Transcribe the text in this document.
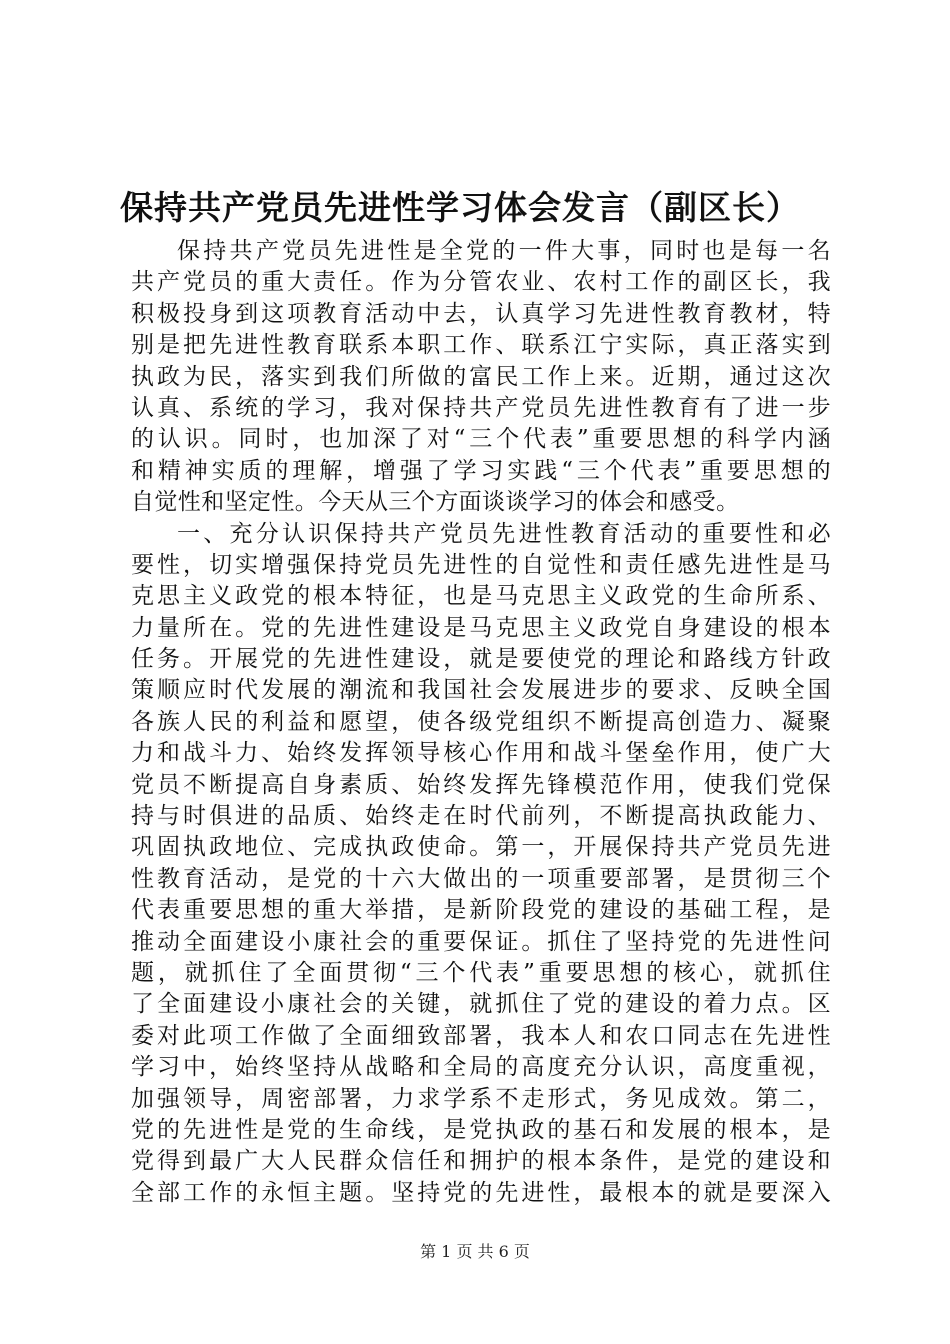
保持共产党员先进性学习体会发言（副区长）
保持共产党员先进性是全党的一件大事，同时也是每一名
共产党员的重大责任。作为分管农业、农村工作的副区长，我
积极投身到这项教育活动中去，认真学习先进性教育教材，特
别是把先进性教育联系本职工作、联系江宁实际，真正落实到
执政为民，落实到我们所做的富民工作上来。近期，通过这次
认真、系统的学习，我对保持共产党员先进性教育有了进一步
的认识。同时，也加深了对“三个代表”重要思想的科学内涵
和精神实质的理解，增强了学习实践“三个代表”重要思想的
自觉性和坚定性。今天从三个方面谈谈学习的体会和感受。
一、充分认识保持共产党员先进性教育活动的重要性和必
要性，切实增强保持党员先进性的自觉性和责任感先进性是马
克思主义政党的根本特征，也是马克思主义政党的生命所系、
力量所在。党的先进性建设是马克思主义政党自身建设的根本
任务。开展党的先进性建设，就是要使党的理论和路线方针政
策顺应时代发展的潮流和我国社会发展进步的要求、反映全国
各族人民的利益和愿望，使各级党组织不断提高创造力、凝聚
力和战斗力、始终发挥领导核心作用和战斗堡垒作用，使广大
党员不断提高自身素质、始终发挥先锋模范作用，使我们党保
持与时俱进的品质、始终走在时代前列，不断提高执政能力、
巩固执政地位、完成执政使命。第一，开展保持共产党员先进
性教育活动，是党的十六大做出的一项重要部署，是贯彻三个
代表重要思想的重大举措，是新阶段党的建设的基础工程，是
推动全面建设小康社会的重要保证。抓住了坚持党的先进性问
题，就抓住了全面贯彻“三个代表”重要思想的核心，就抓住
了全面建设小康社会的关键，就抓住了党的建设的着力点。区
委对此项工作做了全面细致部署，我本人和农口同志在先进性
学习中，始终坚持从战略和全局的高度充分认识，高度重视，
加强领导，周密部署，力求学系不走形式，务见成效。第二，
党的先进性是党的生命线，是党执政的基石和发展的根本，是
党得到最广大人民群众信任和拥护的根本条件，是党的建设和
全部工作的永恒主题。坚持党的先进性，最根本的就是要深入
第 1 页 共 6 页
